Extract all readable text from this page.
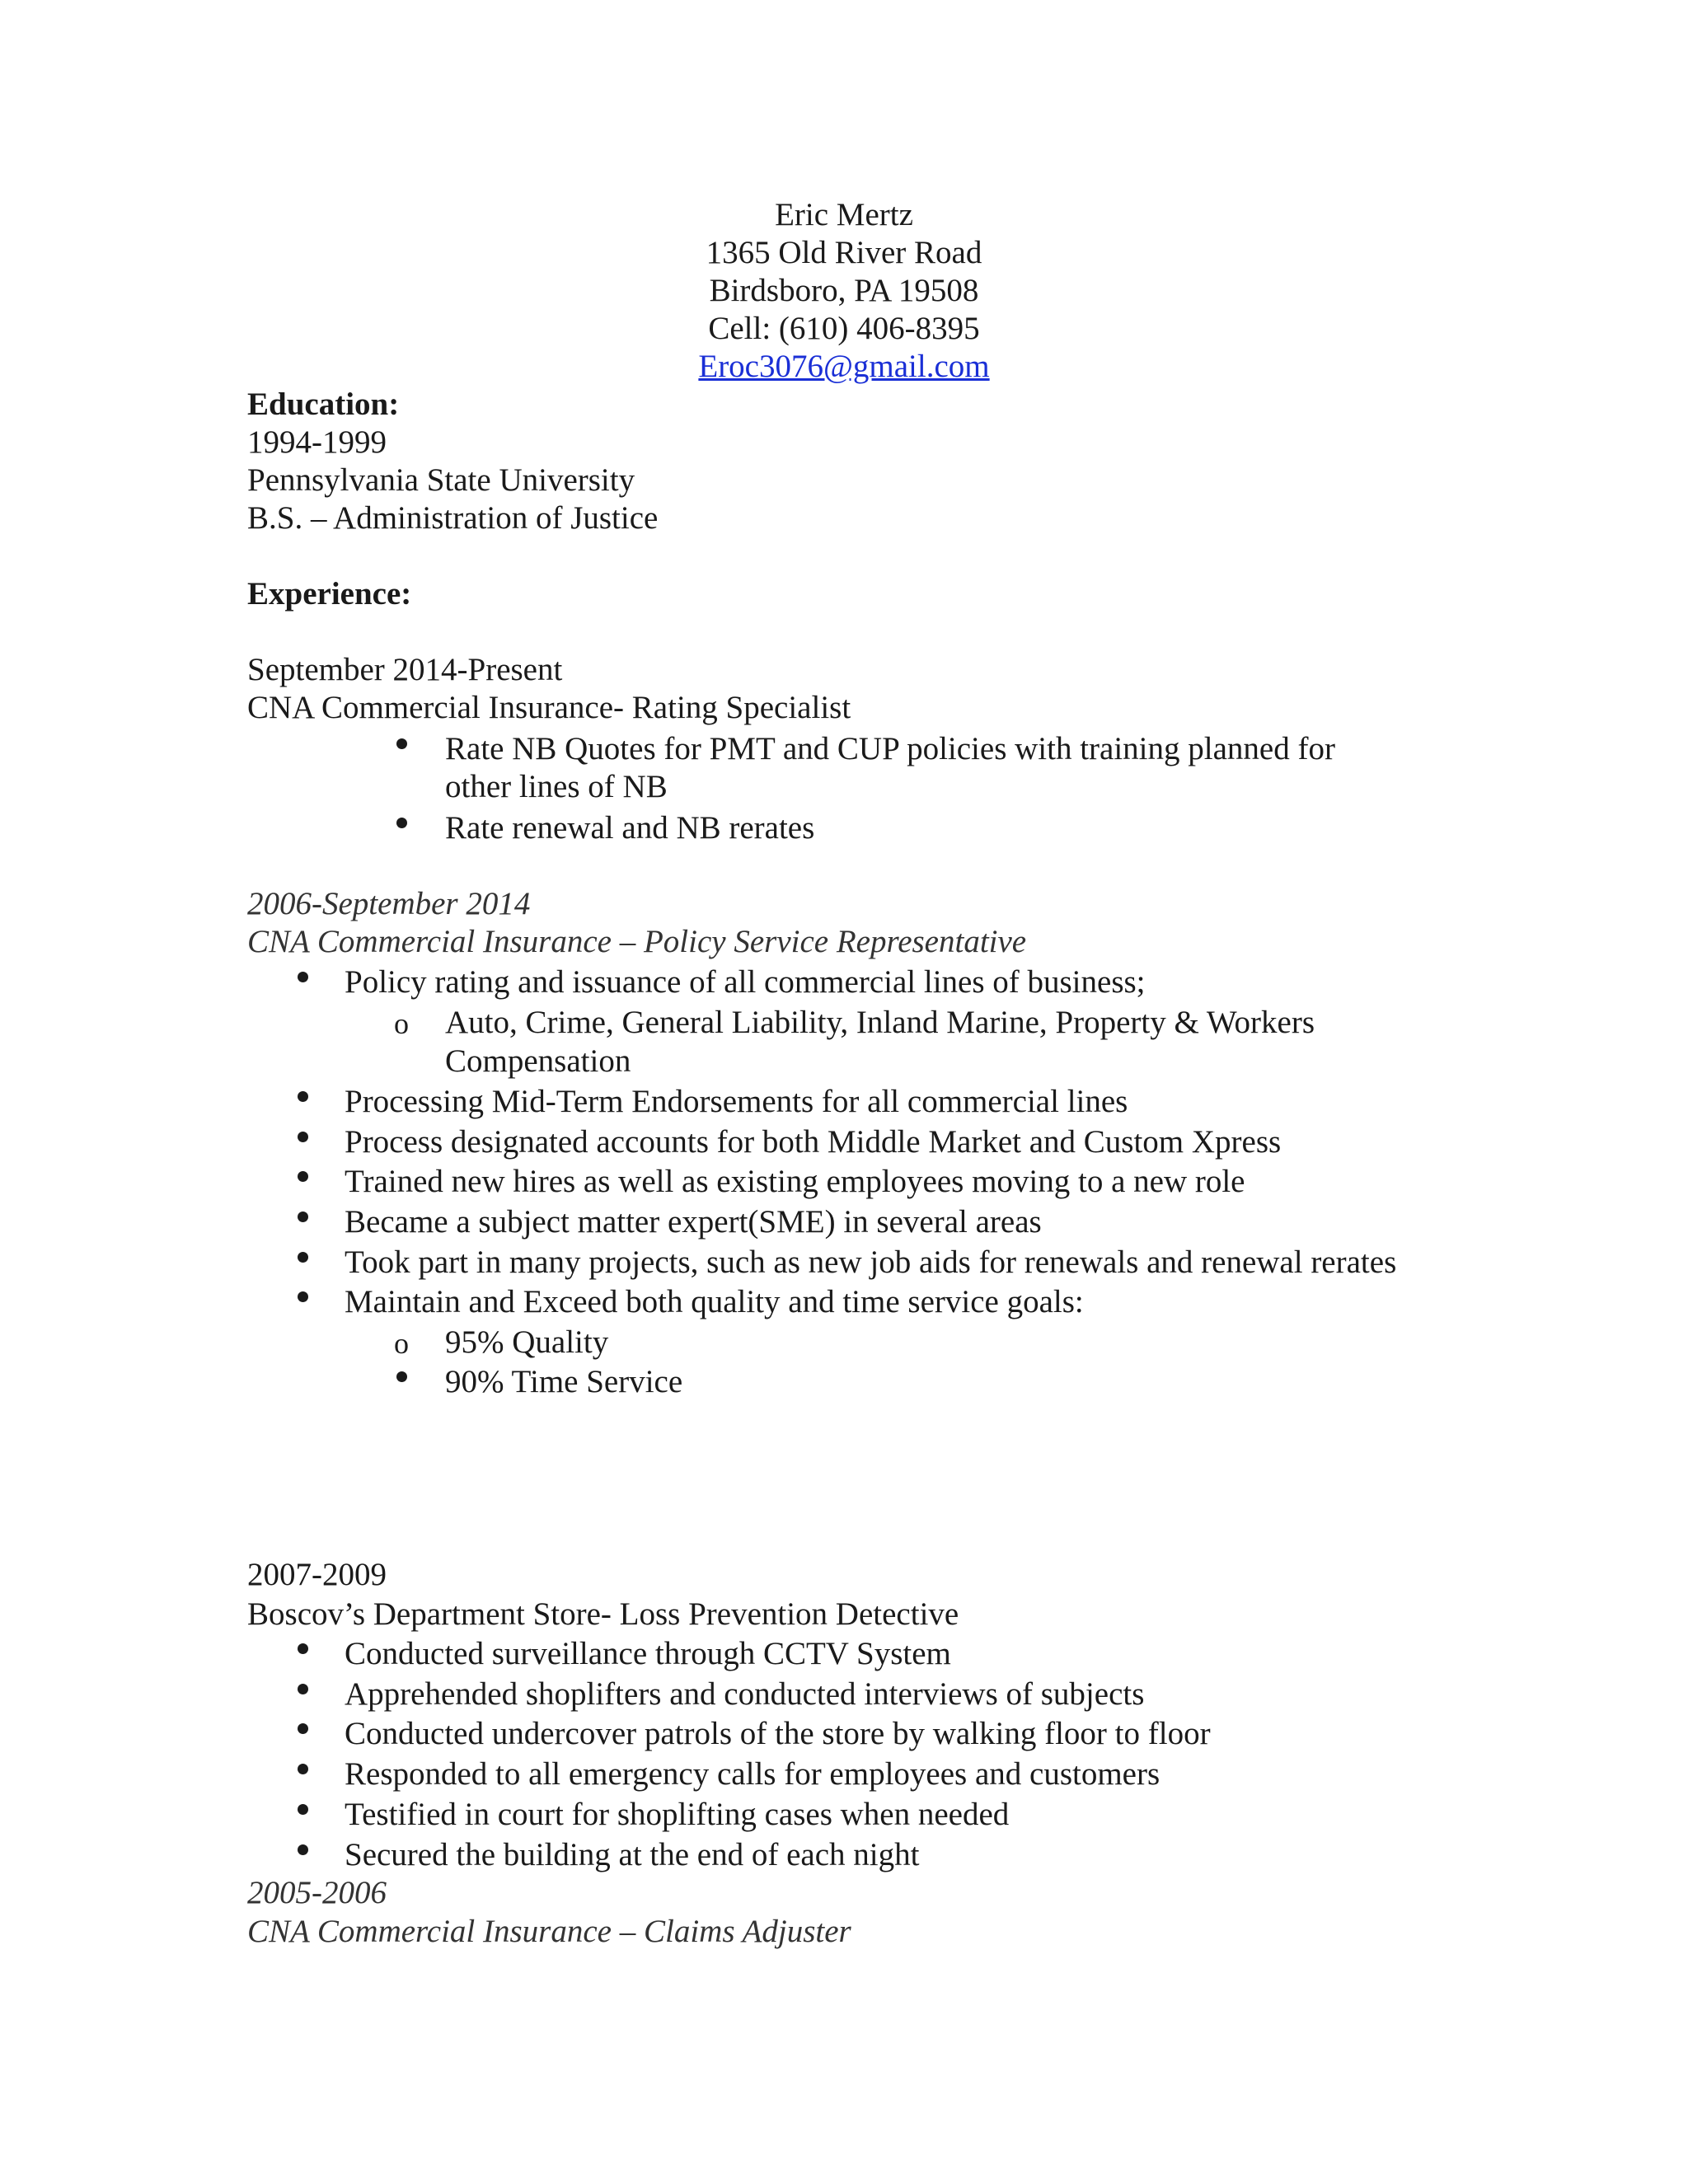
Eric Mertz
1365 Old River Road
Birdsboro, PA 19508
Cell: (610) 406-8395
Eroc3076@gmail.com
Education:
1994-1999
Pennsylvania State University
B.S. – Administration of Justice
Experience:
September 2014-Present
CNA Commercial Insurance- Rating Specialist
Rate NB Quotes for PMT and CUP policies with training planned for
other lines of NB
Rate renewal and NB rerates
2006-September 2014
CNA Commercial Insurance – Policy Service Representative
Policy rating and issuance of all commercial lines of business;
o Auto, Crime, General Liability, Inland Marine, Property & Workers
Compensation
Processing Mid-Term Endorsements for all commercial lines
Process designated accounts for both Middle Market and Custom Xpress
Trained new hires as well as existing employees moving to a new role
Became a subject matter expert(SME) in several areas
Took part in many projects, such as new job aids for renewals and renewal rerates
Maintain and Exceed both quality and time service goals:
o 95% Quality
90% Time Service
2007-2009
Boscov’s Department Store- Loss Prevention Detective
Conducted surveillance through CCTV System
Apprehended shoplifters and conducted interviews of subjects
Conducted undercover patrols of the store by walking floor to floor
Responded to all emergency calls for employees and customers
Testified in court for shoplifting cases when needed
Secured the building at the end of each night
2005-2006
CNA Commercial Insurance – Claims Adjuster
